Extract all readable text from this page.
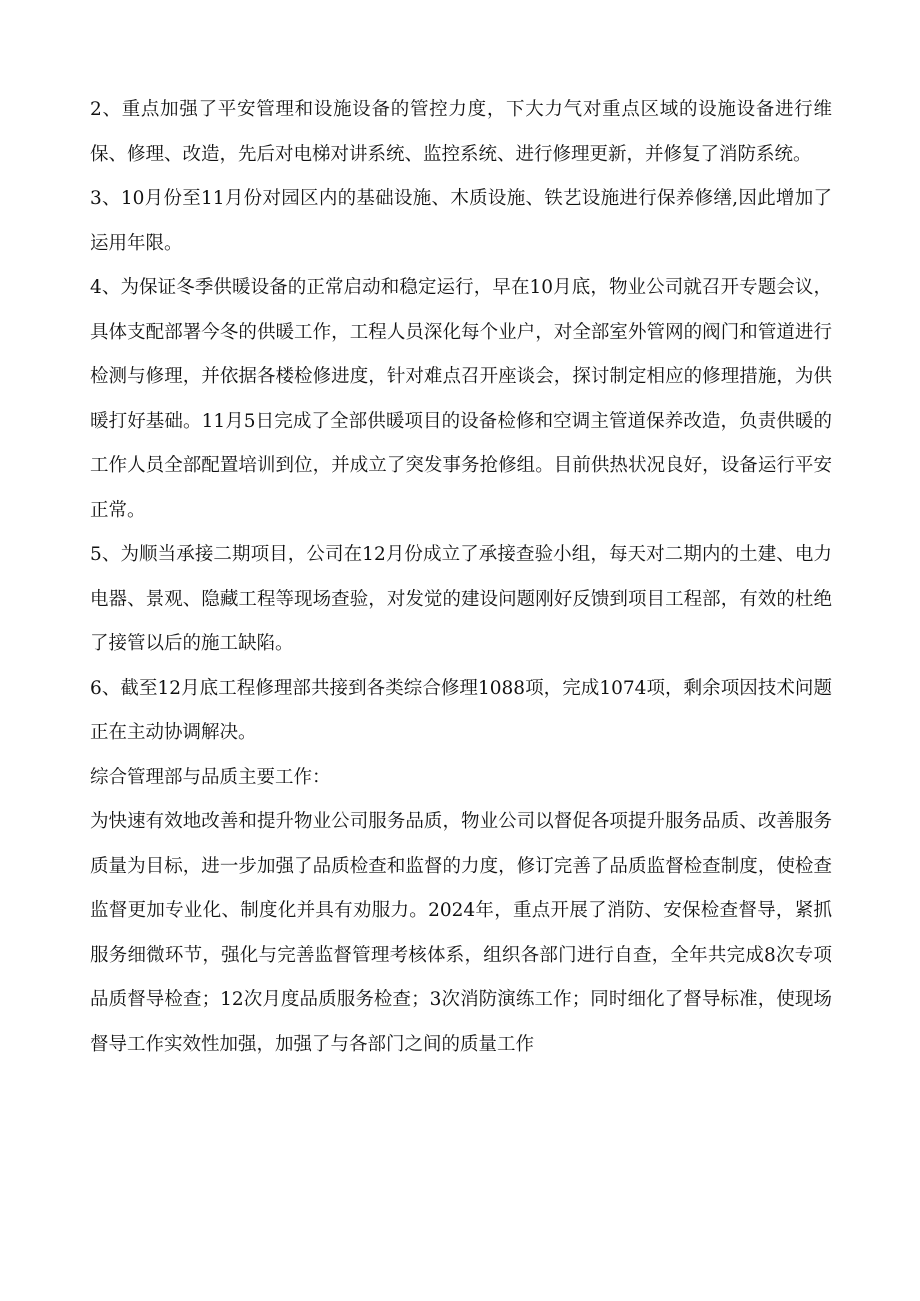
2、重点加强了平安管理和设施设备的管控力度，下大力气对重点区域的设施设备进行维保、修理、改造，先后对电梯对讲系统、监控系统、进行修理更新，并修复了消防系统。

3、10月份至11月份对园区内的基础设施、木质设施、铁艺设施进行保养修缮,因此增加了运用年限。

4、为保证冬季供暖设备的正常启动和稳定运行，早在10月底，物业公司就召开专题会议，具体支配部署今冬的供暖工作，工程人员深化每个业户，对全部室外管网的阀门和管道进行检测与修理，并依据各楼检修进度，针对难点召开座谈会，探讨制定相应的修理措施，为供暖打好基础。11月5日完成了全部供暖项目的设备检修和空调主管道保养改造，负责供暖的工作人员全部配置培训到位，并成立了突发事务抢修组。目前供热状况良好，设备运行平安正常。

5、为顺当承接二期项目，公司在12月份成立了承接查验小组，每天对二期内的土建、电力电器、景观、隐藏工程等现场查验，对发觉的建设问题刚好反馈到项目工程部，有效的杜绝了接管以后的施工缺陷。

6、截至12月底工程修理部共接到各类综合修理1088项，完成1074项，剩余项因技术问题正在主动协调解决。

综合管理部与品质主要工作：

为快速有效地改善和提升物业公司服务品质，物业公司以督促各项提升服务品质、改善服务质量为目标，进一步加强了品质检查和监督的力度，修订完善了品质监督检查制度，使检查监督更加专业化、制度化并具有劝服力。2024年，重点开展了消防、安保检查督导，紧抓服务细微环节，强化与完善监督管理考核体系，组织各部门进行自查，全年共完成8次专项品质督导检查；12次月度品质服务检查；3次消防演练工作；同时细化了督导标准，使现场督导工作实效性加强，加强了与各部门之间的质量工作
